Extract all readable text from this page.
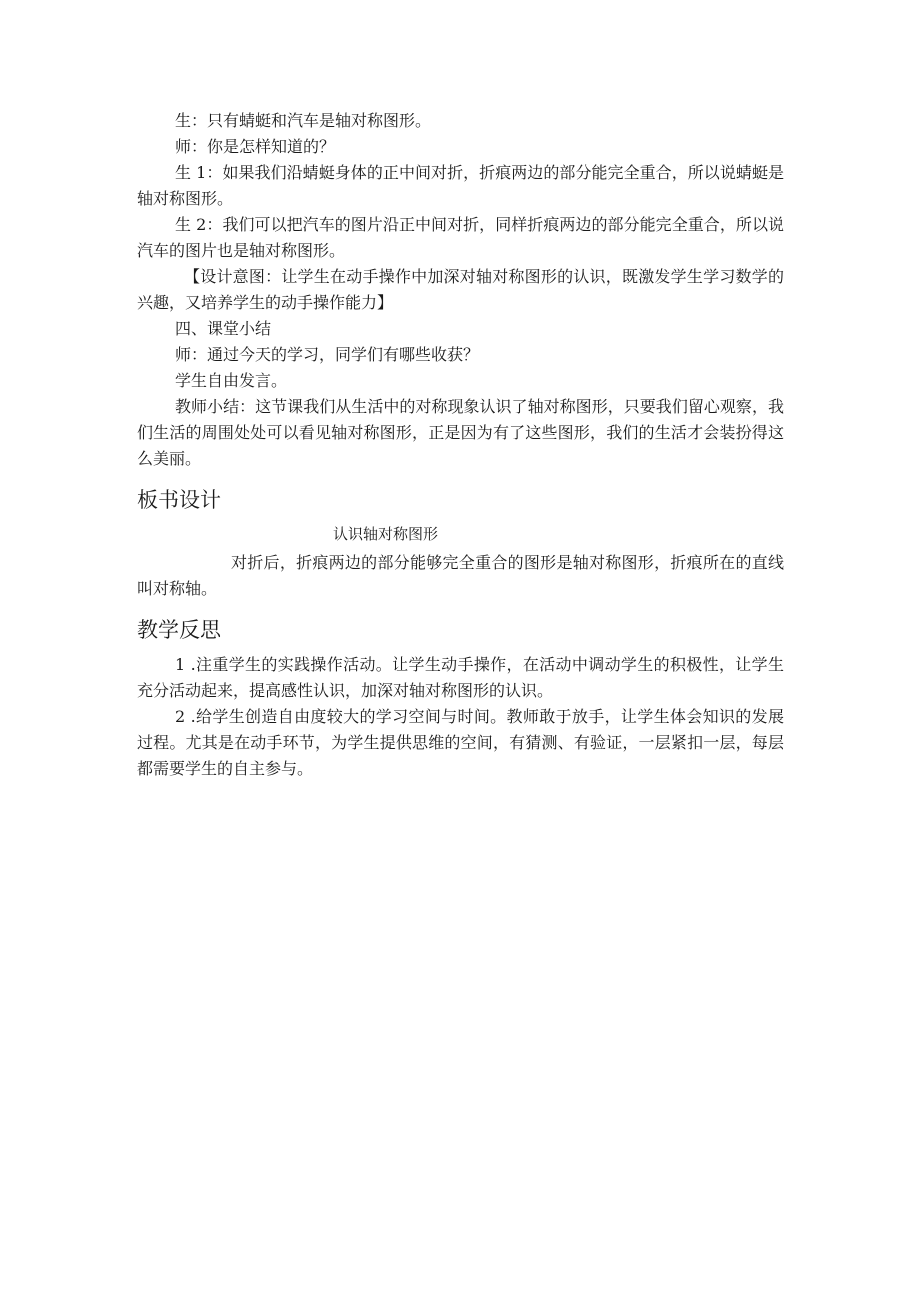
生：只有蜻蜓和汽车是轴对称图形。

师：你是怎样知道的？

生 1：如果我们沿蜻蜓身体的正中间对折，折痕两边的部分能完全重合，所以说蜻蜓是轴对称图形。

生 2：我们可以把汽车的图片沿正中间对折，同样折痕两边的部分能完全重合，所以说汽车的图片也是轴对称图形。

【设计意图：让学生在动手操作中加深对轴对称图形的认识，既激发学生学习数学的兴趣，又培养学生的动手操作能力】

四、课堂小结

师：通过今天的学习，同学们有哪些收获？

学生自由发言。

教师小结：这节课我们从生活中的对称现象认识了轴对称图形，只要我们留心观察，我们生活的周围处处可以看见轴对称图形，正是因为有了这些图形，我们的生活才会装扮得这么美丽。

板书设计
认识轴对称图形

对折后，折痕两边的部分能够完全重合的图形是轴对称图形，折痕所在的直线叫对称轴。

教学反思

1 .注重学生的实践操作活动。让学生动手操作，在活动中调动学生的积极性，让学生充分活动起来，提高感性认识，加深对轴对称图形的认识。

2 .给学生创造自由度较大的学习空间与时间。教师敢于放手，让学生体会知识的发展过程。尤其是在动手环节，为学生提供思维的空间，有猜测、有验证，一层紧扣一层，每层都需要学生的自主参与。
